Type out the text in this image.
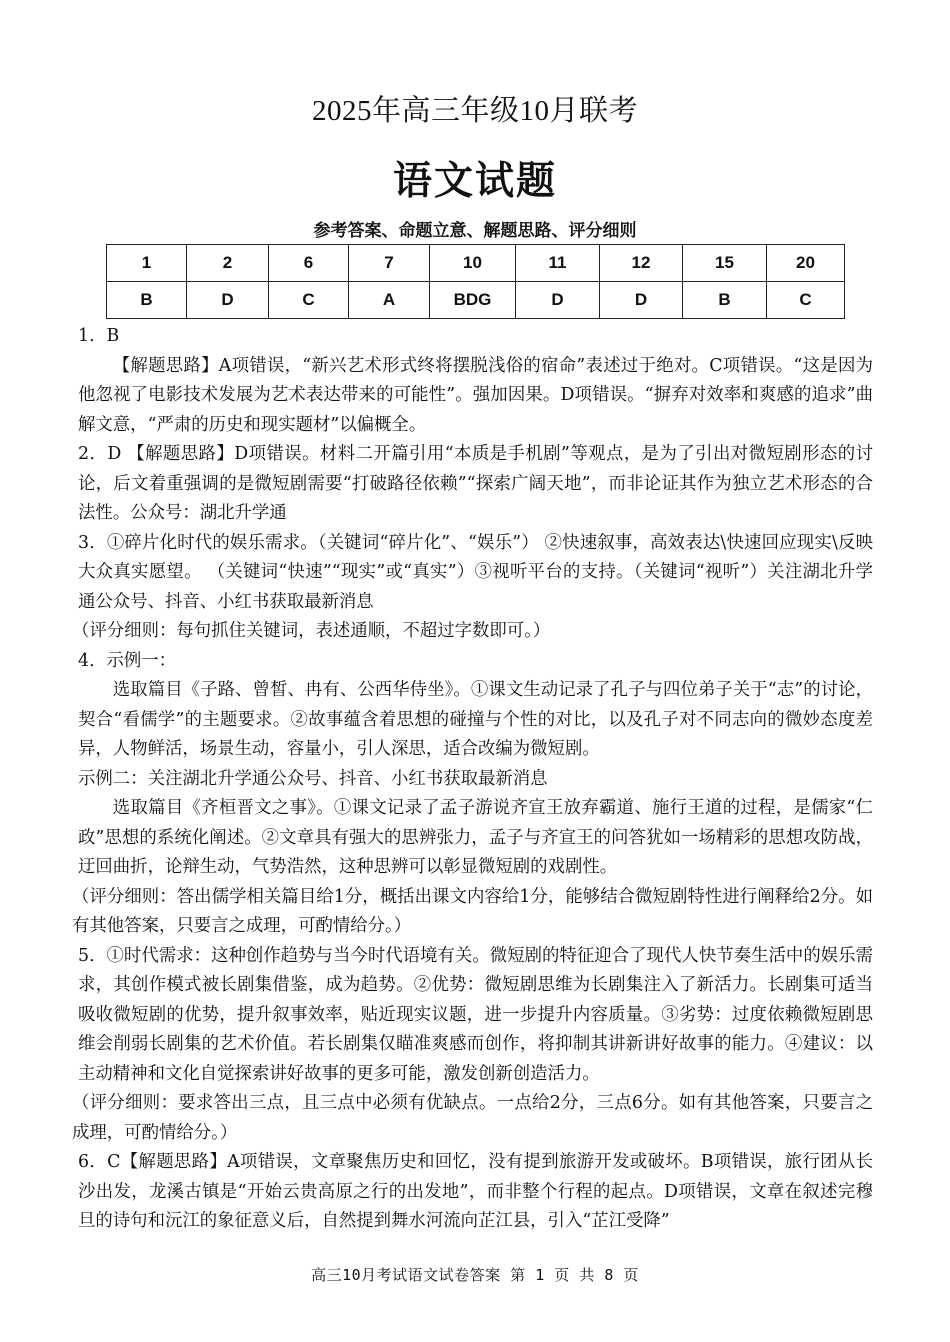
2025年高三年级10月联考
语文试题
参考答案、命题立意、解题思路、评分细则
1	2	6	7	10	11	12	15	20
B	D	C	A	BDG	D	D	B	C

1．B

【解题思路】A项错误，“新兴艺术形式终将摆脱浅俗的宿命”表述过于绝对。C项错误。“这是因为他忽视了电影技术发展为艺术表达带来的可能性”。强加因果。D项错误。“摒弃对效率和爽感的追求”曲解文意，“严肃的历史和现实题材”以偏概全。

2．D 【解题思路】D项错误。材料二开篇引用“本质是手机剧”等观点，是为了引出对微短剧形态的讨论，后文着重强调的是微短剧需要“打破路径依赖”“探索广阔天地”，而非论证其作为独立艺术形态的合法性。公众号：湖北升学通

3．①碎片化时代的娱乐需求。（关键词“碎片化”、“娱乐”） ②快速叙事，高效表达\快速回应现实\反映大众真实愿望。 （关键词“快速”“现实”或“真实”）③视听平台的支持。（关键词“视听”）关注湖北升学通公众号、抖音、小红书获取最新消息

（评分细则：每句抓住关键词，表述通顺，不超过字数即可。）

4．示例一：

选取篇目《子路、曾皙、冉有、公西华侍坐》。①课文生动记录了孔子与四位弟子关于“志”的讨论，契合“看儒学”的主题要求。②故事蕴含着思想的碰撞与个性的对比，以及孔子对不同志向的微妙态度差异，人物鲜活，场景生动，容量小，引人深思，适合改编为微短剧。

示例二：关注湖北升学通公众号、抖音、小红书获取最新消息

选取篇目《齐桓晋文之事》。①课文记录了孟子游说齐宣王放弃霸道、施行王道的过程，是儒家“仁政”思想的系统化阐述。②文章具有强大的思辨张力，孟子与齐宣王的问答犹如一场精彩的思想攻防战，迂回曲折，论辩生动，气势浩然，这种思辨可以彰显微短剧的戏剧性。

（评分细则：答出儒学相关篇目给1分，概括出课文内容给1分，能够结合微短剧特性进行阐释给2分。如有其他答案，只要言之成理，可酌情给分。）

5．①时代需求：这种创作趋势与当今时代语境有关。微短剧的特征迎合了现代人快节奏生活中的娱乐需求，其创作模式被长剧集借鉴，成为趋势。②优势：微短剧思维为长剧集注入了新活力。长剧集可适当吸收微短剧的优势，提升叙事效率，贴近现实议题，进一步提升内容质量。③劣势：过度依赖微短剧思维会削弱长剧集的艺术价值。若长剧集仅瞄准爽感而创作，将抑制其讲新讲好故事的能力。④建议：以主动精神和文化自觉探索讲好故事的更多可能，激发创新创造活力。

（评分细则：要求答出三点，且三点中必须有优缺点。一点给2分，三点6分。如有其他答案，只要言之成理，可酌情给分。）

6．C【解题思路】A项错误，文章聚焦历史和回忆，没有提到旅游开发或破坏。B项错误，旅行团从长沙出发，龙溪古镇是“开始云贵高原之行的出发地”，而非整个行程的起点。D项错误，文章在叙述完穆旦的诗句和沅江的象征意义后，自然提到舞水河流向芷江县，引入“芷江受降”

高三10月考试语文试卷答案 第 1 页 共 8 页
